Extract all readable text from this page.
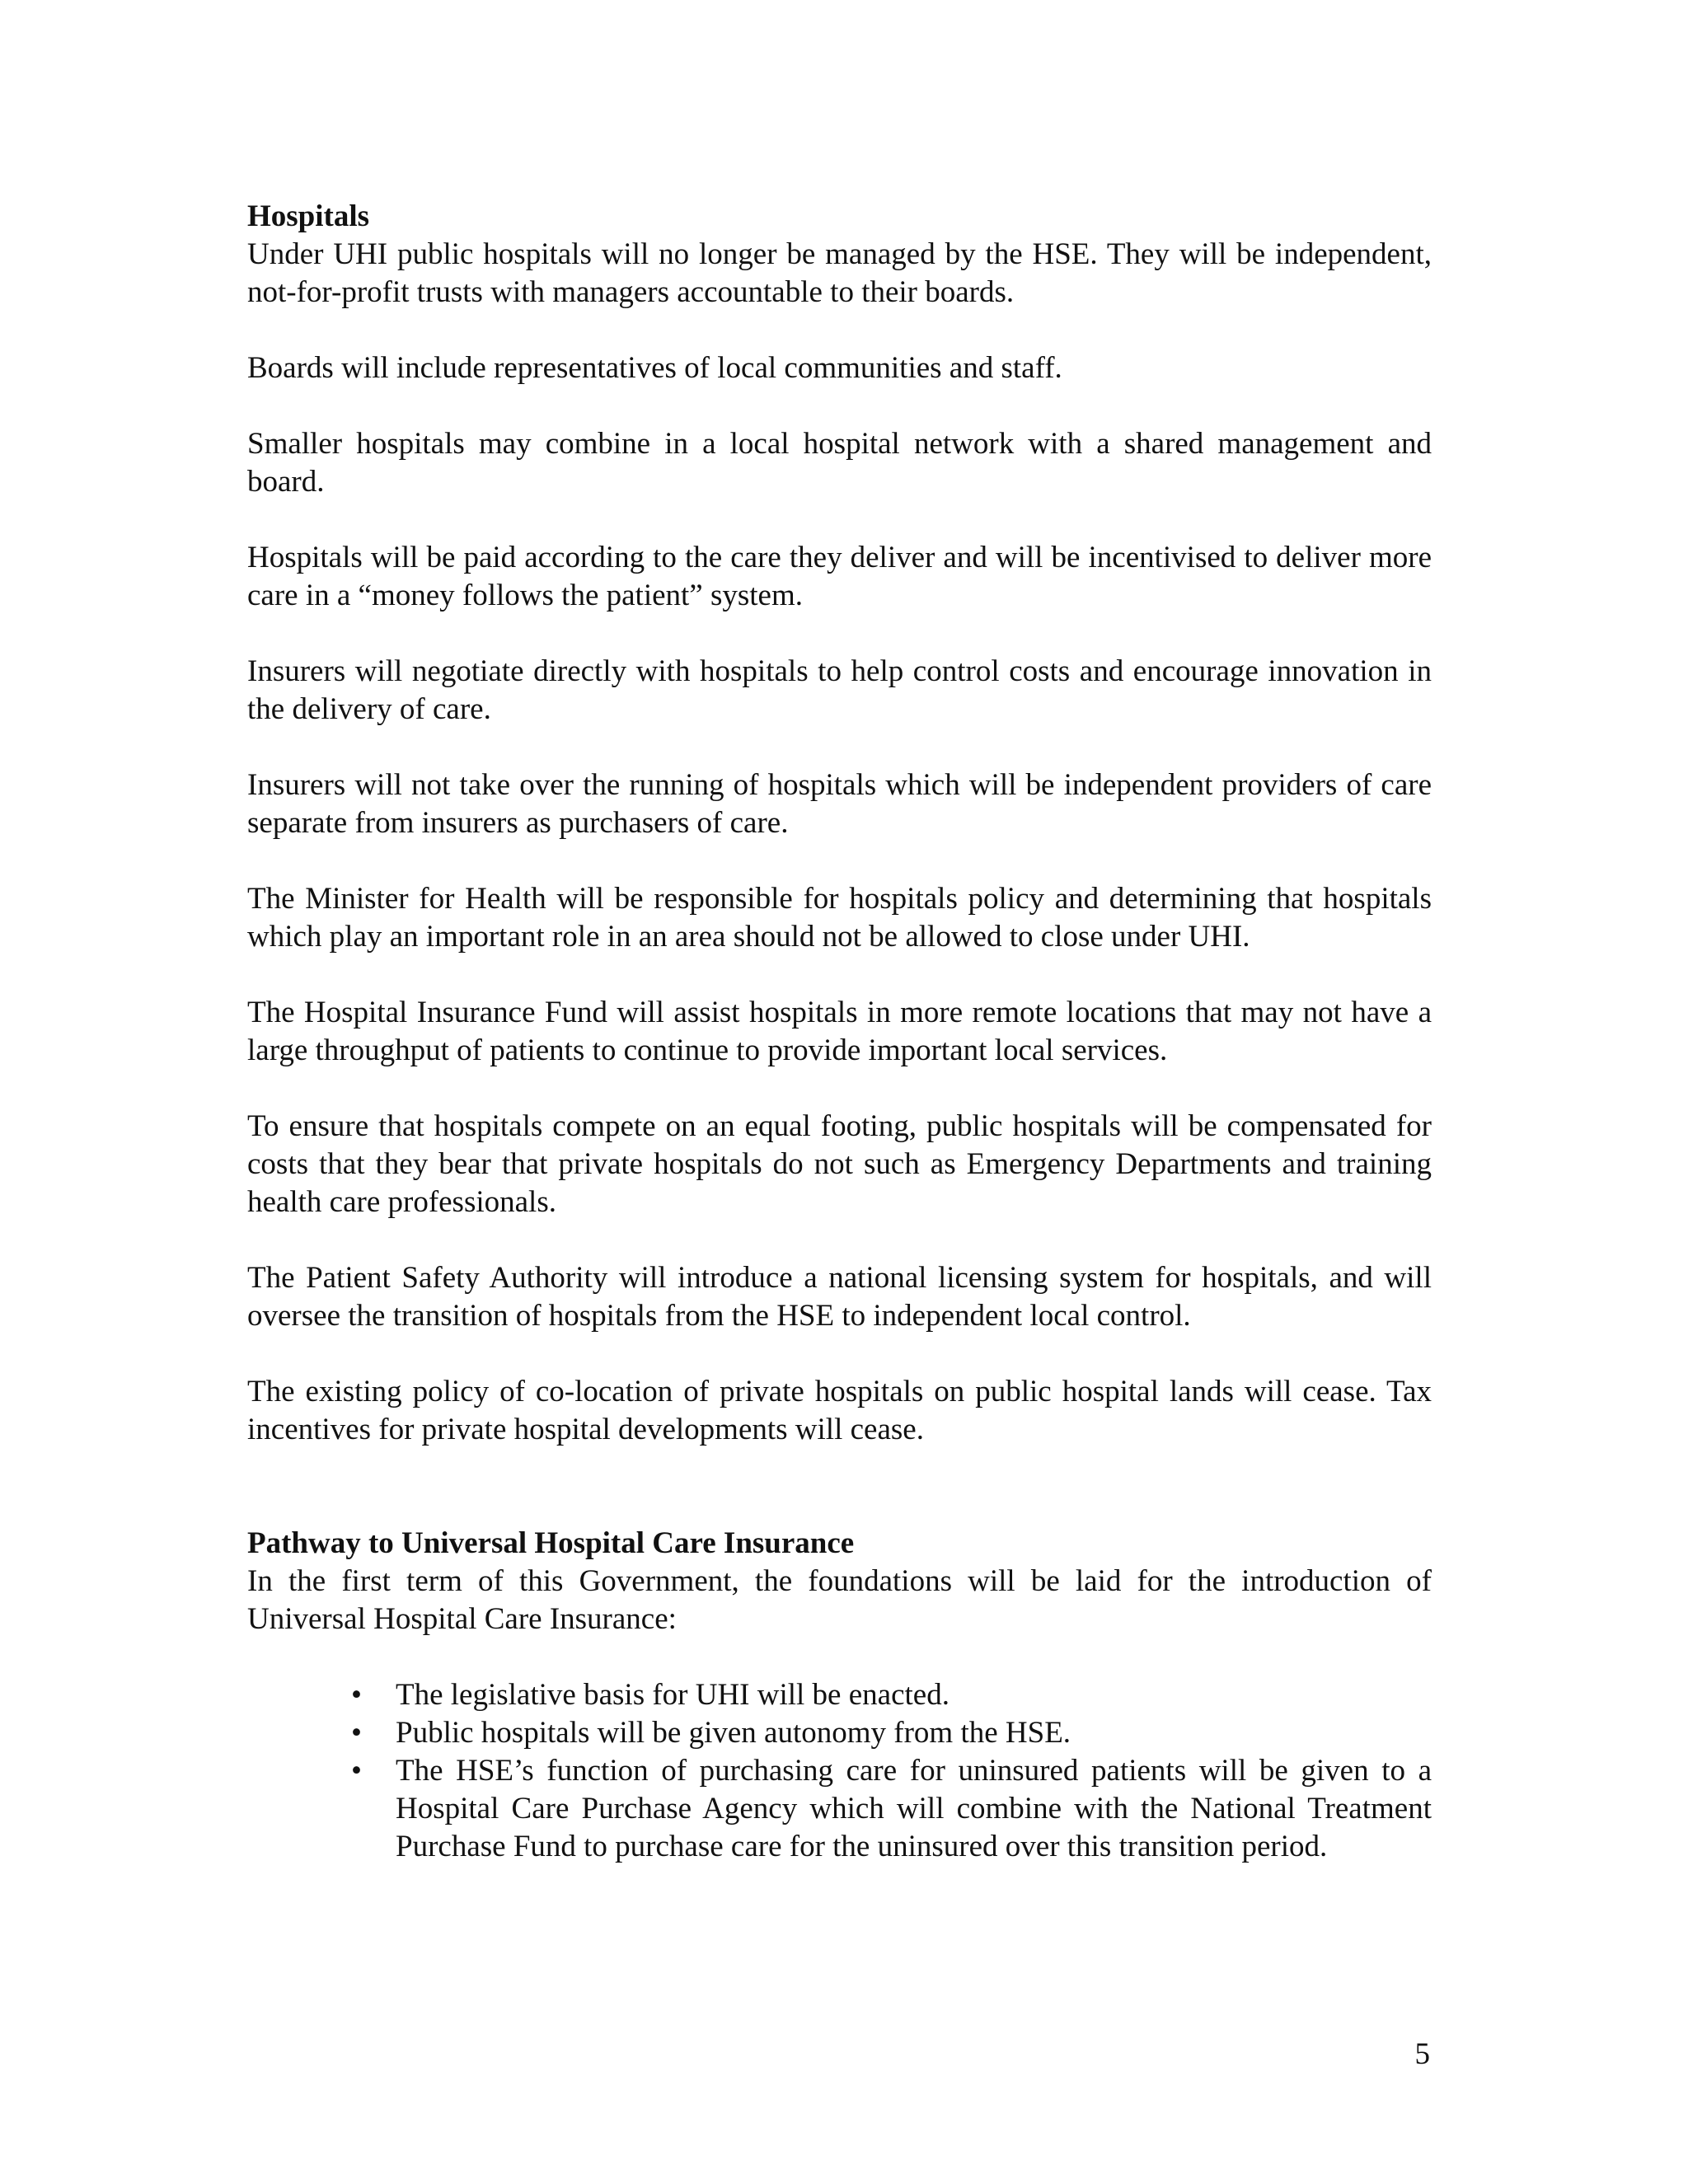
Hospitals

Under UHI public hospitals will no longer be managed by the HSE. They will be independent, not-for-profit trusts with managers accountable to their boards.

Boards will include representatives of local communities and staff.

Smaller hospitals may combine in a local hospital network with a shared management and board.

Hospitals will be paid according to the care they deliver and will be incentivised to deliver more care in a “money follows the patient” system.

Insurers will negotiate directly with hospitals to help control costs and encourage innovation in the delivery of care.

Insurers will not take over the running of hospitals which will be independent providers of care separate from insurers as purchasers of care.

The Minister for Health will be responsible for hospitals policy and determining that hospitals which play an important role in an area should not be allowed to close under UHI.

The Hospital Insurance Fund will assist hospitals in more remote locations that may not have a large throughput of patients to continue to provide important local services.

To ensure that hospitals compete on an equal footing, public hospitals will be compensated for costs that they bear that private hospitals do not such as Emergency Departments and training health care professionals.

The Patient Safety Authority will introduce a national licensing system for hospitals, and will oversee the transition of hospitals from the HSE to independent local control.

The existing policy of co-location of private hospitals on public hospital lands will cease. Tax incentives for private hospital developments will cease.

Pathway to Universal Hospital Care Insurance

In the first term of this Government, the foundations will be laid for the introduction of Universal Hospital Care Insurance:

• The legislative basis for UHI will be enacted.
• Public hospitals will be given autonomy from the HSE.
• The HSE’s function of purchasing care for uninsured patients will be given to a Hospital Care Purchase Agency which will combine with the National Treatment Purchase Fund to purchase care for the uninsured over this transition period.
5
